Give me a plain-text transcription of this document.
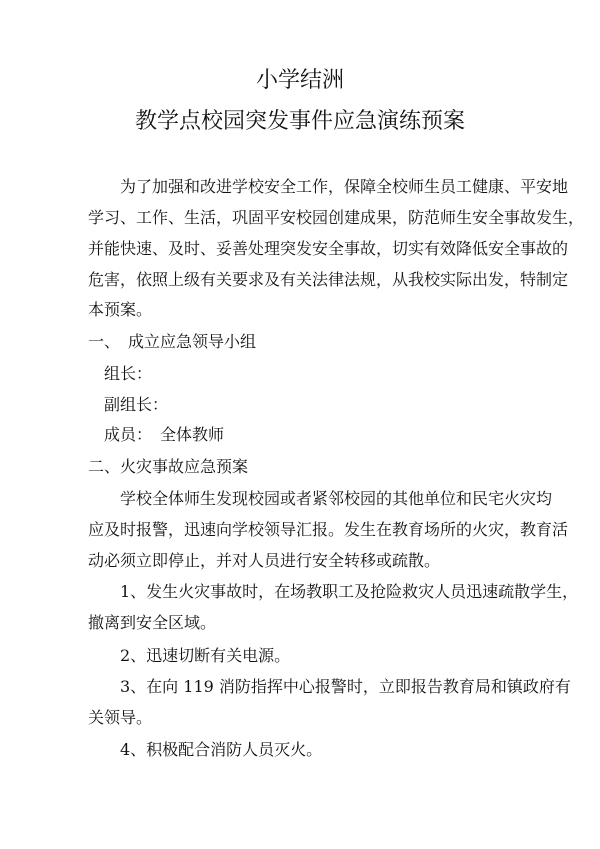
小学结洲
教学点校园突发事件应急演练预案

为了加强和改进学校安全工作，保障全校师生员工健康、平安地

学习、工作、生活，巩固平安校园创建成果，防范师生安全事故发生，

并能快速、及时、妥善处理突发安全事故，切实有效降低安全事故的

危害，依照上级有关要求及有关法律法规，从我校实际出发，特制定

本预案。

一、 成立应急领导小组

组长：

副组长：

成员： 全体教师

二、火灾事故应急预案

学校全体师生发现校园或者紧邻校园的其他单位和民宅火灾均

应及时报警，迅速向学校领导汇报。发生在教育场所的火灾，教育活

动必须立即停止，并对人员进行安全转移或疏散。

1、发生火灾事故时，在场教职工及抢险救灾人员迅速疏散学生，

撤离到安全区域。

2、迅速切断有关电源。

3、在向 119 消防指挥中心报警时，立即报告教育局和镇政府有

关领导。

4、积极配合消防人员灭火。
